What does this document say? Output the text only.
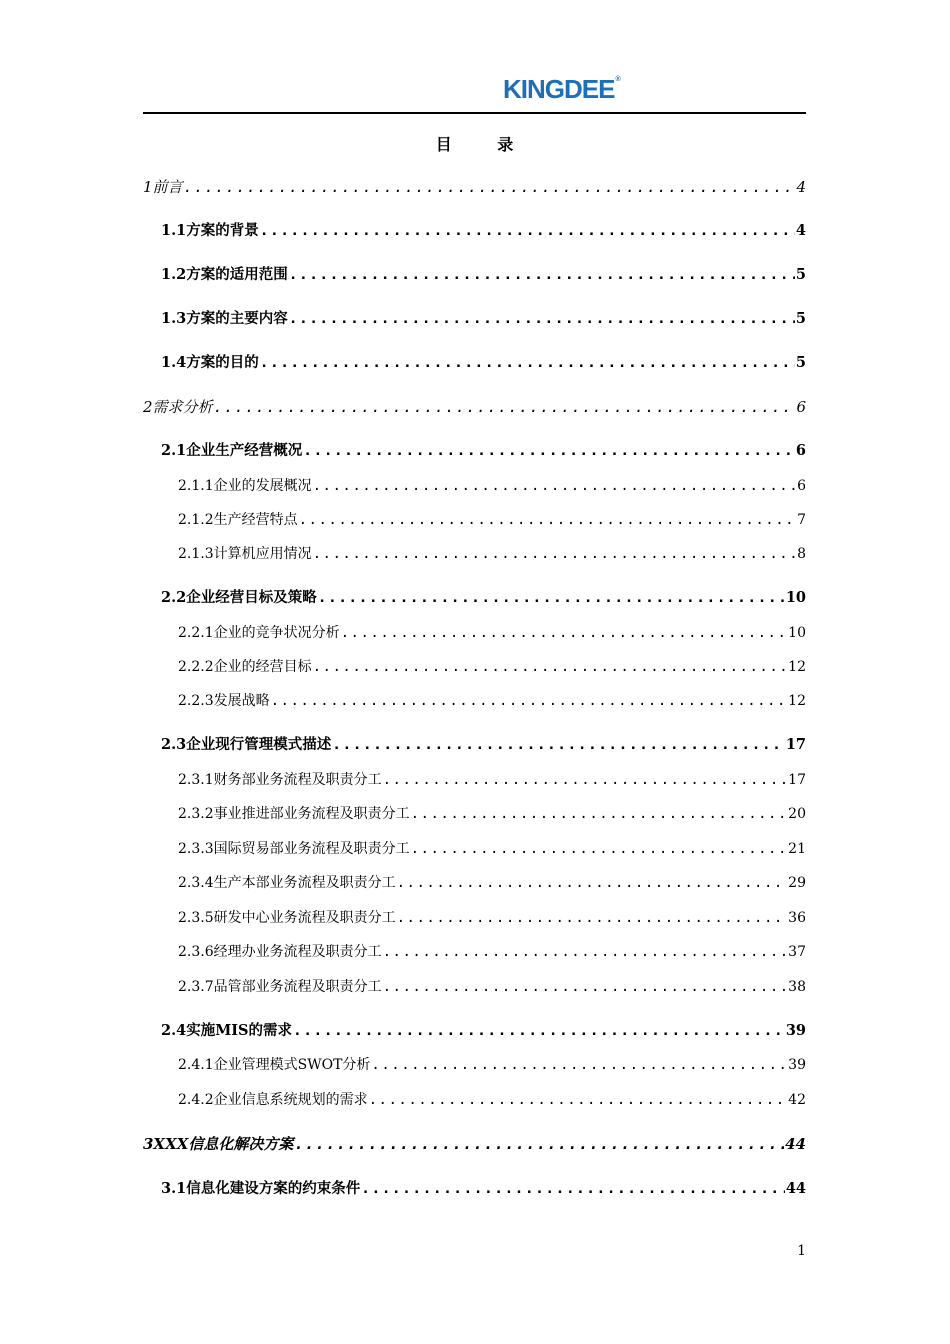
KINGDEE®
目 录
1前言 .....	4
1.1方案的背景 .....	4
1.2方案的适用范围 .....	5
1.3方案的主要内容 .....	5
1.4方案的目的 .....	5
2需求分析 .....	6
2.1企业生产经营概况 .....	6
2.1.1企业的发展概况 .....	6
2.1.2生产经营特点 .....	7
2.1.3计算机应用情况 .....	8
2.2企业经营目标及策略 .....	10
2.2.1企业的竞争状况分析 .....	10
2.2.2企业的经营目标 .....	12
2.2.3发展战略 .....	12
2.3企业现行管理模式描述 .....	17
2.3.1财务部业务流程及职责分工 .....	17
2.3.2事业推进部业务流程及职责分工 .....	20
2.3.3国际贸易部业务流程及职责分工 .....	21
2.3.4生产本部业务流程及职责分工 .....	29
2.3.5研发中心业务流程及职责分工 .....	36
2.3.6经理办业务流程及职责分工 .....	37
2.3.7品管部业务流程及职责分工 .....	38
2.4实施MIS的需求 .....	39
2.4.1企业管理模式SWOT分析 .....	39
2.4.2企业信息系统规划的需求 .....	42
3XXX信息化解决方案 .....	44
3.1信息化建设方案的约束条件 .....	44
1
